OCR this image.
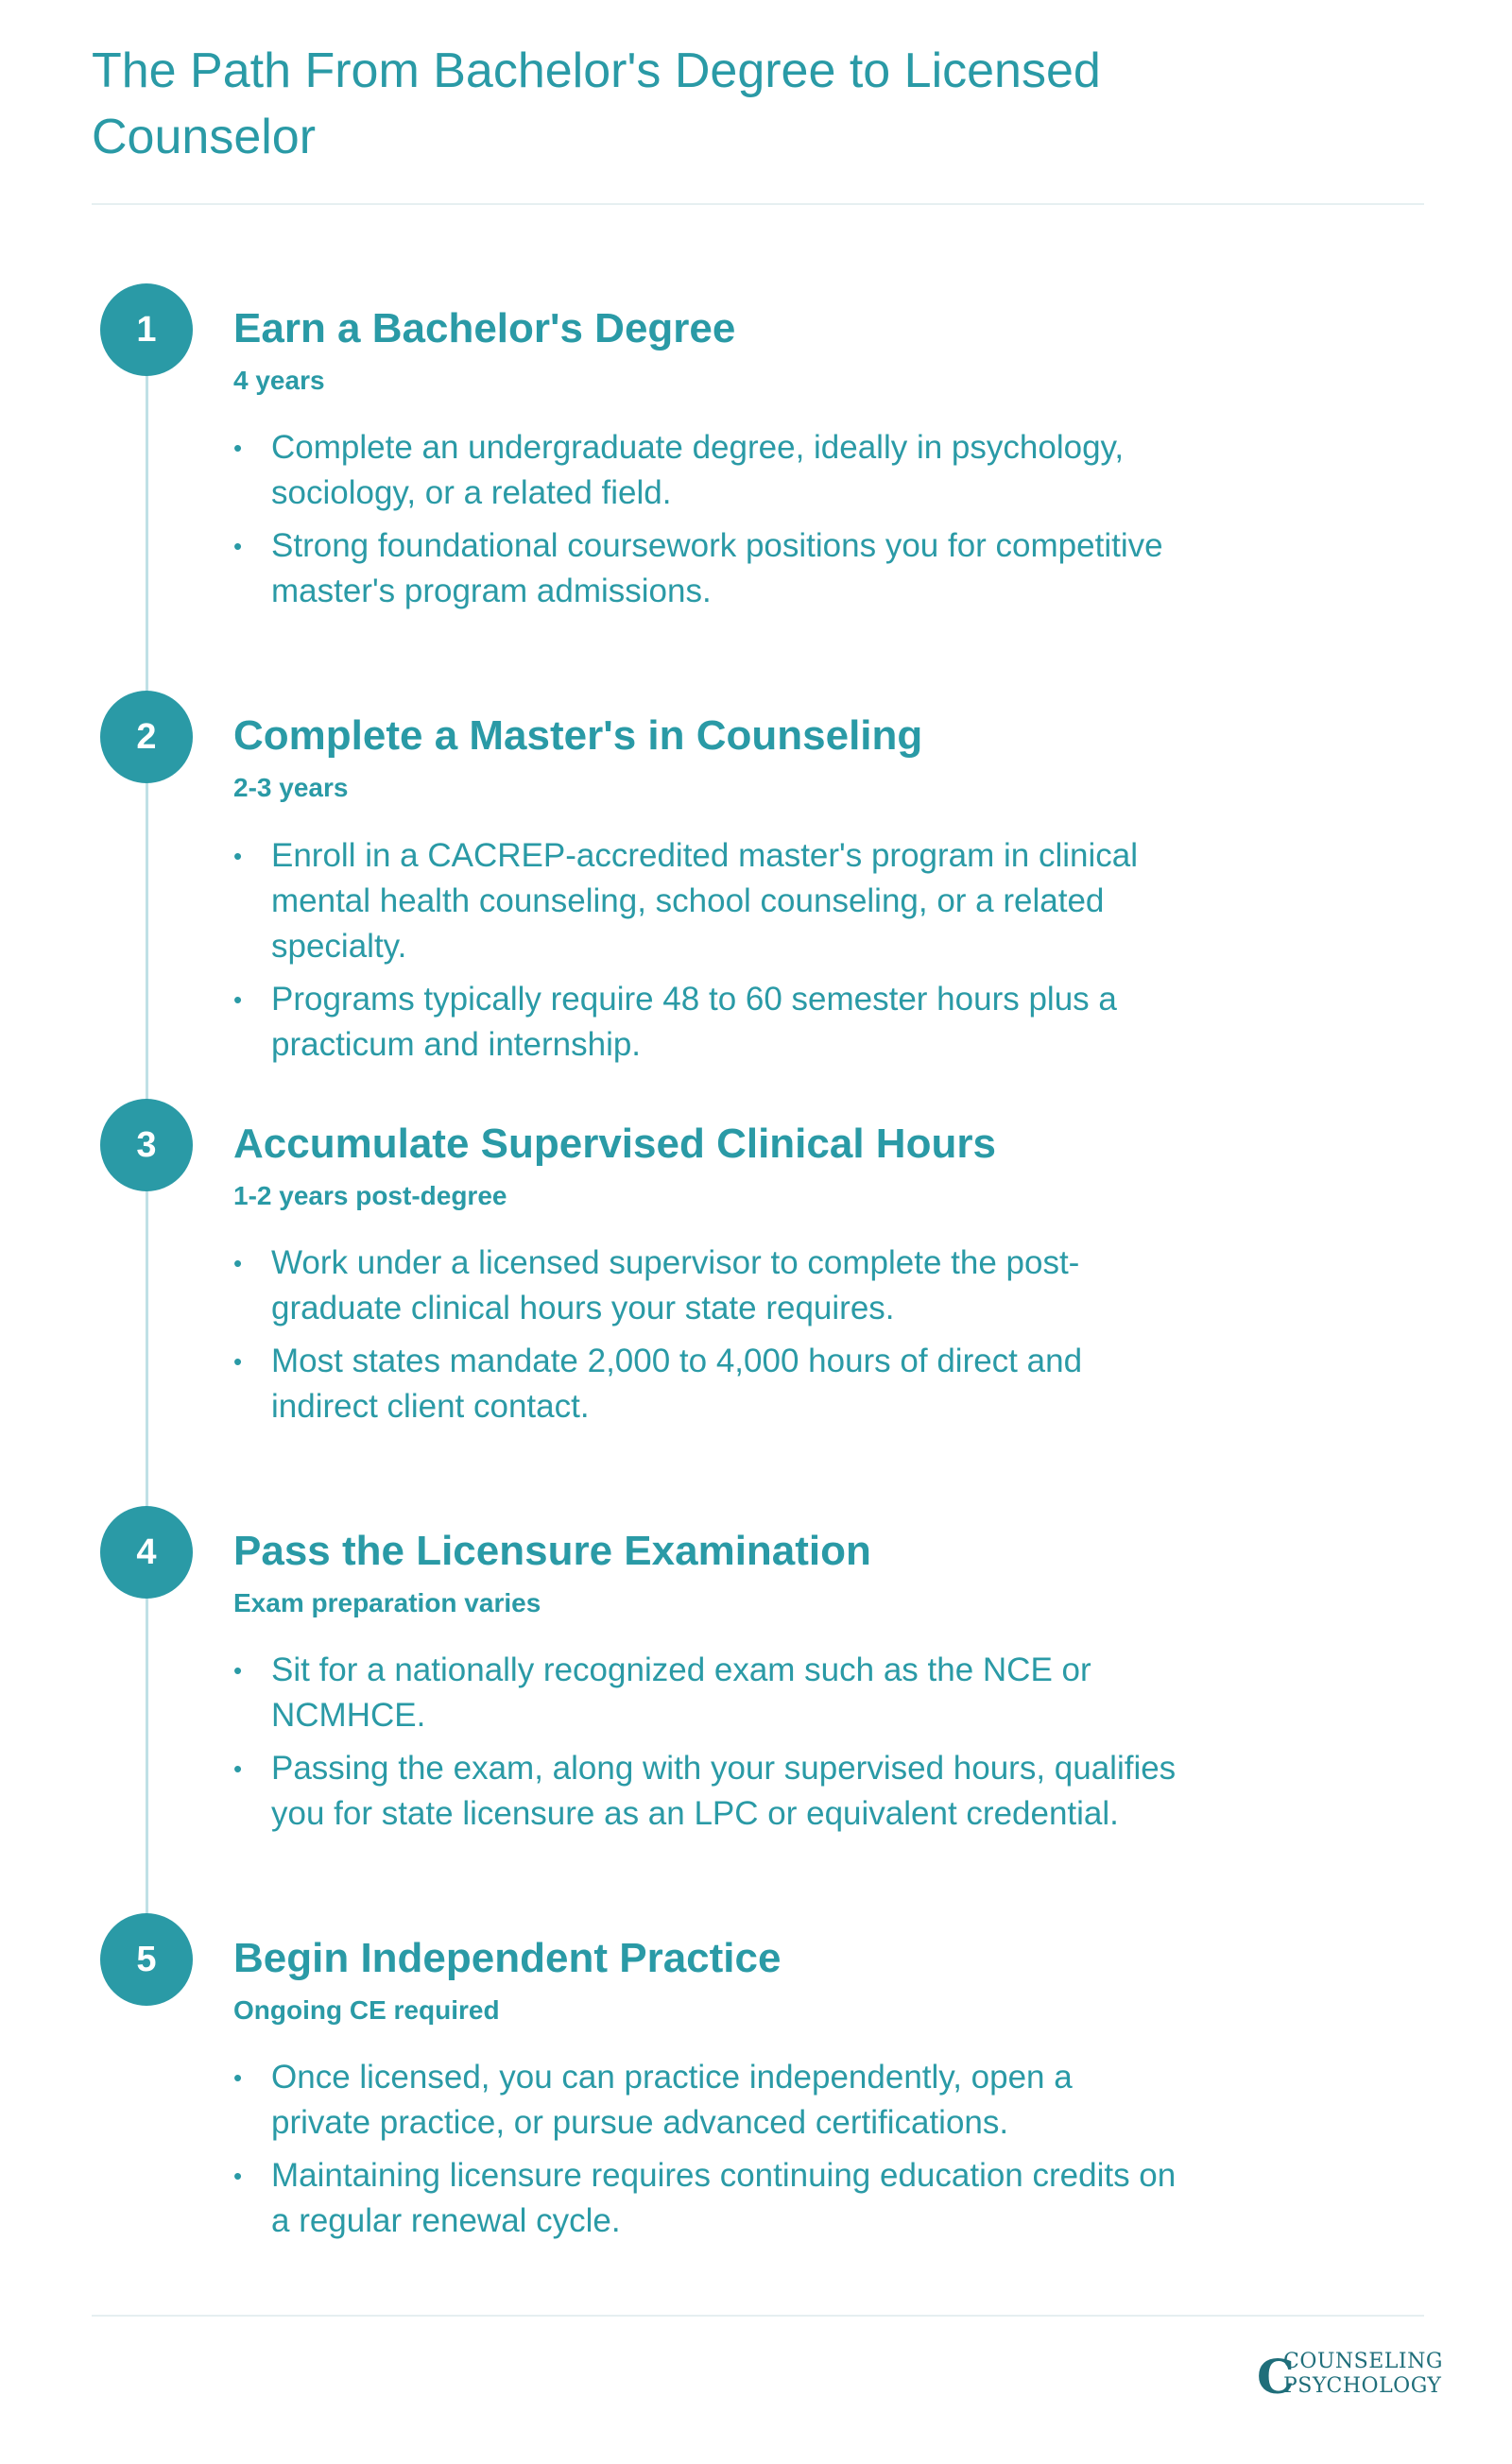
The Path From Bachelor's Degree to Licensed Counselor
1	Earn a Bachelor's Degree
4 years
• Complete an undergraduate degree, ideally in psychology, sociology, or a related field.
• Strong foundational coursework positions you for competitive master's program admissions.
2	Complete a Master's in Counseling
2-3 years
• Enroll in a CACREP-accredited master's program in clinical mental health counseling, school counseling, or a related specialty.
• Programs typically require 48 to 60 semester hours plus a practicum and internship.
3	Accumulate Supervised Clinical Hours
1-2 years post-degree
• Work under a licensed supervisor to complete the post-graduate clinical hours your state requires.
• Most states mandate 2,000 to 4,000 hours of direct and indirect client contact.
4	Pass the Licensure Examination
Exam preparation varies
• Sit for a nationally recognized exam such as the NCE or NCMHCE.
• Passing the exam, along with your supervised hours, qualifies you for state licensure as an LPC or equivalent credential.
5	Begin Independent Practice
Ongoing CE required
• Once licensed, you can practice independently, open a private practice, or pursue advanced certifications.
• Maintaining licensure requires continuing education credits on a regular renewal cycle.
C
COUNSELING
PSYCHOLOGY
